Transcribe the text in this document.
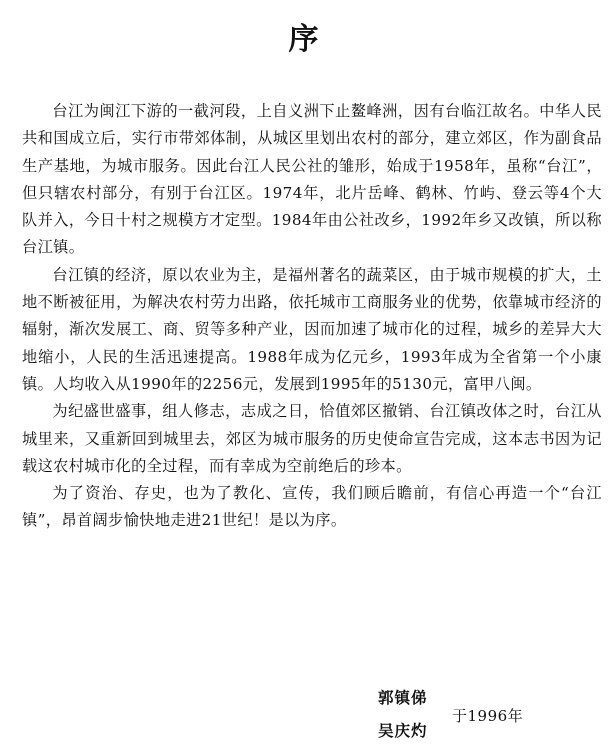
序

台江为闽江下游的一截河段，上自义洲下止鳌峰洲，因有台临江故名。中华人民共和国成立后，实行市带郊体制，从城区里划出农村的部分，建立郊区，作为副食品生产基地，为城市服务。因此台江人民公社的雏形，始成于1958年，虽称“台江”，但只辖农村部分，有别于台江区。1974年，北片岳峰、鹤林、竹屿、登云等4个大队并入，今日十村之规模方才定型。1984年由公社改乡，1992年乡又改镇，所以称台江镇。

台江镇的经济，原以农业为主，是福州著名的蔬菜区，由于城市规模的扩大，土地不断被征用，为解决农村劳力出路，依托城市工商服务业的优势，依靠城市经济的辐射，渐次发展工、商、贸等多种产业，因而加速了城市化的过程，城乡的差异大大地缩小，人民的生活迅速提高。1988年成为亿元乡，1993年成为全省第一个小康镇。人均收入从1990年的2256元，发展到1995年的5130元，富甲八闽。

为纪盛世盛事，组人修志，志成之日，恰值郊区撤销、台江镇改体之时，台江从城里来，又重新回到城里去，郊区为城市服务的历史使命宣告完成，这本志书因为记载这农村城市化的全过程，而有幸成为空前绝后的珍本。

为了资治、存史，也为了教化、宣传，我们顾后瞻前，有信心再造一个“台江镇”，昂首阔步愉快地走进21世纪！是以为序。

郭镇俤
于1996年
吴庆灼
